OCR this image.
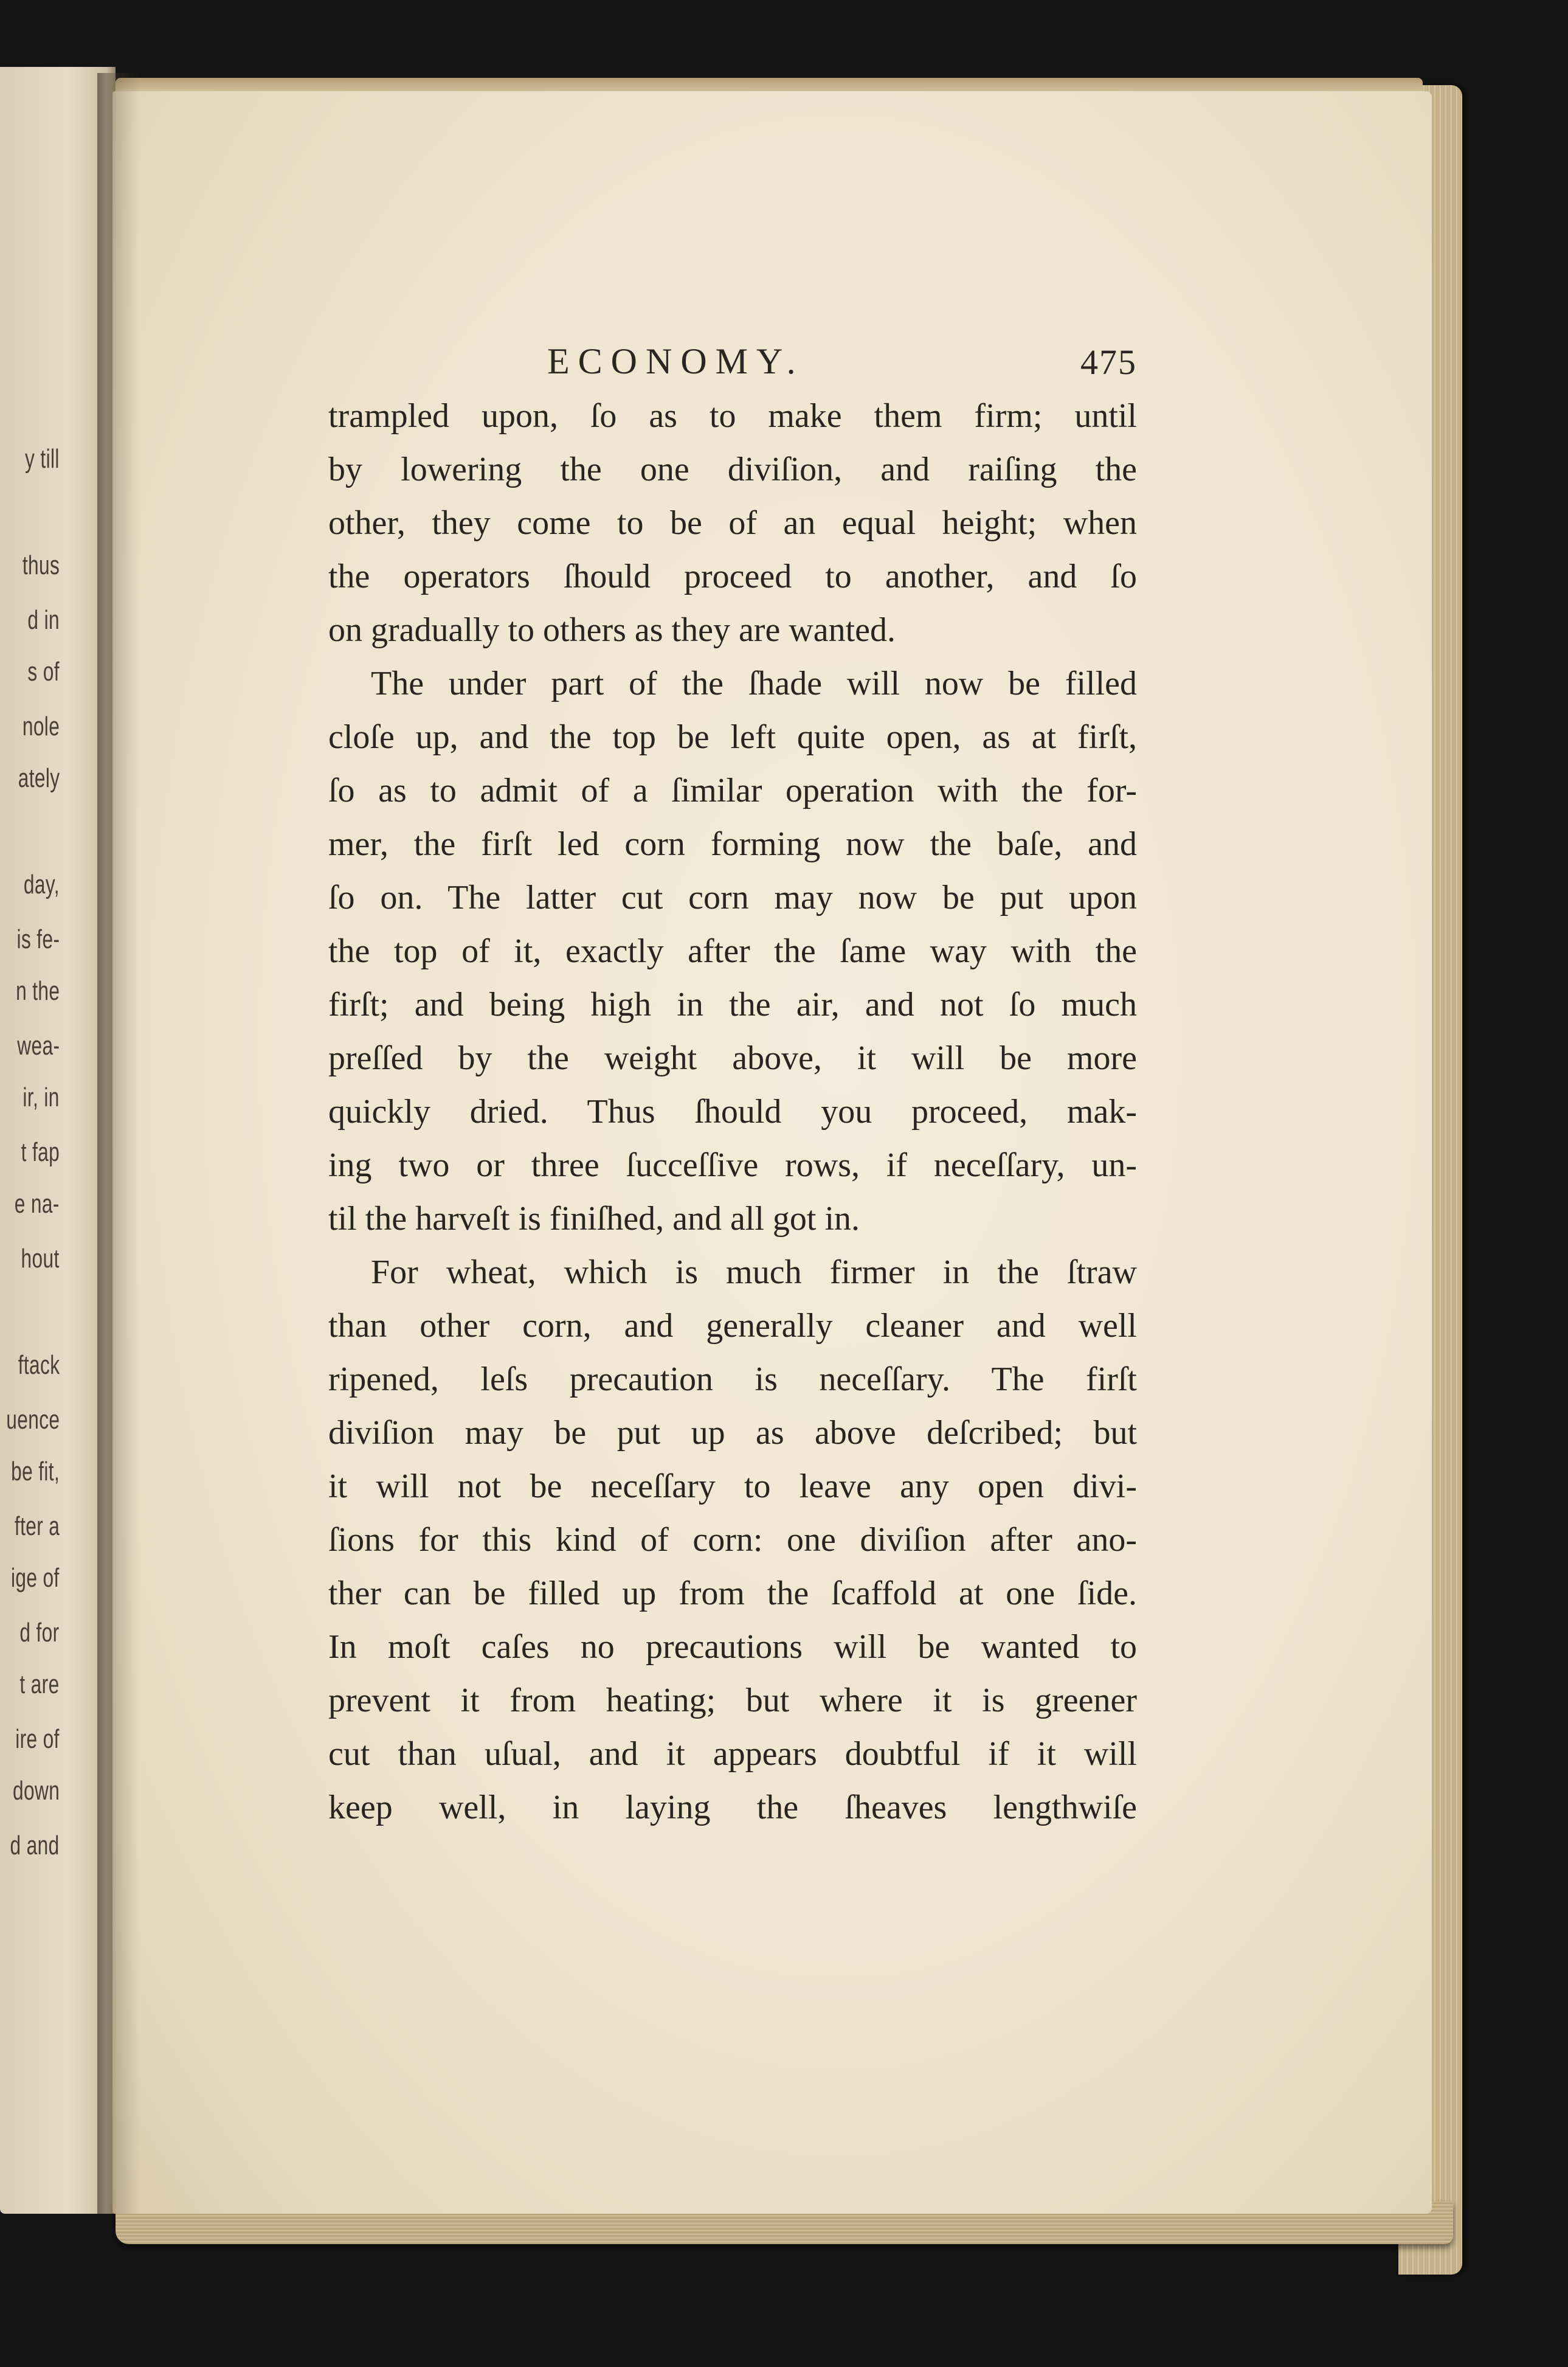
y till
thus
d in
s of
nole
ately
day,
is fe-
n the
wea-
ir, in
t fap
e na-
hout
ftack
uence
be fit,
fter a
ige of
d for
t are
ire of
down
d and
ECONOMY.	475
trampled upon, ſo as to make them firm; until
by lowering the one diviſion, and raiſing the
other, they come to be of an equal height; when
the operators ſhould proceed to another, and ſo
on gradually to others as they are wanted.
The under part of the ſhade will now be filled
cloſe up, and the top be left quite open, as at firſt,
ſo as to admit of a ſimilar operation with the for-
mer, the firſt led corn forming now the baſe, and
ſo on. The latter cut corn may now be put upon
the top of it, exactly after the ſame way with the
firſt; and being high in the air, and not ſo much
preſſed by the weight above, it will be more
quickly dried. Thus ſhould you proceed, mak-
ing two or three ſucceſſive rows, if neceſſary, un-
til the harveſt is finiſhed, and all got in.
For wheat, which is much firmer in the ſtraw
than other corn, and generally cleaner and well
ripened, leſs precaution is neceſſary. The firſt
diviſion may be put up as above deſcribed; but
it will not be neceſſary to leave any open divi-
ſions for this kind of corn: one diviſion after ano-
ther can be filled up from the ſcaffold at one ſide.
In moſt caſes no precautions will be wanted to
prevent it from heating; but where it is greener
cut than uſual, and it appears doubtful if it will
keep well, in laying the ſheaves lengthwiſe
